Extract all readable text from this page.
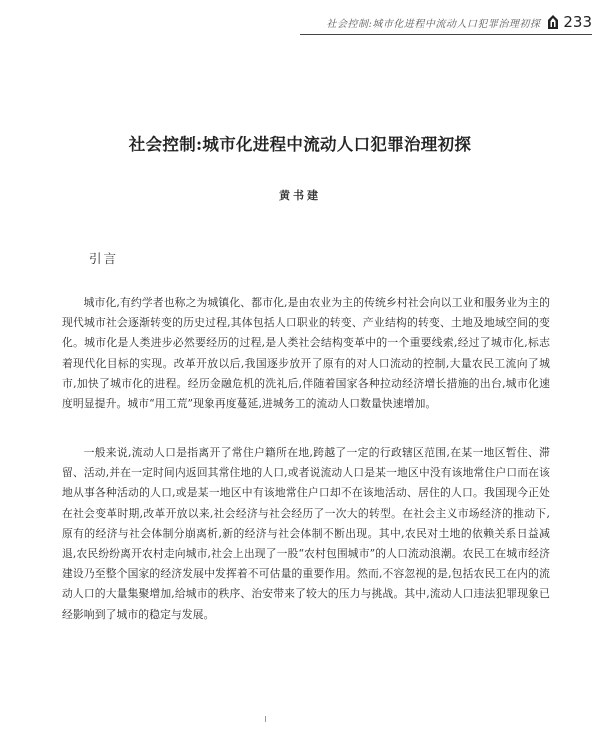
社会控制:城市化进程中流动人口犯罪治理初探 233
社会控制:城市化进程中流动人口犯罪治理初探
黄书建
引言

城市化,有约学者也称之为城镇化、都市化,是由农业为主的传统乡村社会向以工业和服务业为主的现代城市社会逐渐转变的历史过程,其体包括人口职业的转变、产业结构的转变、土地及地域空间的变化。城市化是人类进步必然要经历的过程,是人类社会结构变革中的一个重要线索,经过了城市化,标志着现代化目标的实现。改革开放以后,我国逐步放开了原有的对人口流动的控制,大量农民工流向了城市,加快了城市化的进程。经历金融危机的洗礼后,伴随着国家各种拉动经济增长措施的出台,城市化速度明显提升。城市“用工荒”现象再度蔓延,进城务工的流动人口数量快速增加。

一般来说,流动人口是指离开了常住户籍所在地,跨越了一定的行政辖区范围,在某一地区暂住、滞留、活动,并在一定时间内返回其常住地的人口,或者说流动人口是某一地区中没有该地常住户口而在该地从事各种活动的人口,或是某一地区中有该地常住户口却不在该地活动、居住的人口。我国现今正处在社会变革时期,改革开放以来,社会经济与社会经历了一次大的转型。在社会主义市场经济的推动下,原有的经济与社会体制分崩离析,新的经济与社会体制不断出现。其中,农民对土地的依赖关系日益减退,农民纷纷离开农村走向城市,社会上出现了一股“农村包围城市”的人口流动浪潮。农民工在城市经济建设乃至整个国家的经济发展中发挥着不可估量的重要作用。然而,不容忽视的是,包括农民工在内的流动人口的大量集聚增加,给城市的秩序、治安带来了较大的压力与挑战。其中,流动人口违法犯罪现象已经影响到了城市的稳定与发展。
